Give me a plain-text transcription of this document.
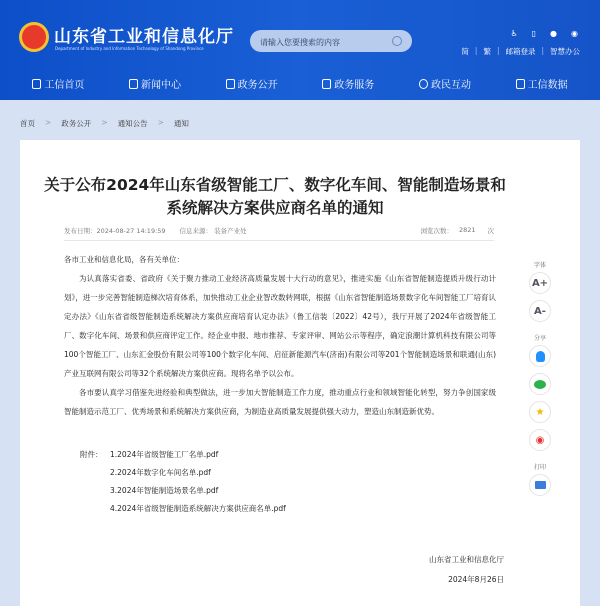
山东省工业和信息化厅
Department of Industry and Information Technology of Shandong Province
请输入您要搜索的内容
♿ ▯ ● ◉
简 | 繁 | 邮箱登录 | 智慧办公
工信首页	新闻中心	政务公开	政务服务	政民互动	工信数据
首页 > 政务公开 > 通知公告 > 通知
关于公布2024年山东省级智能工厂、数字化车间、智能制造场景和系统解决方案供应商名单的通知
发布日期：2024-08-27 14:19:59 信息来源： 装备产业处	浏览次数： 2821 次

各市工业和信息化局，各有关单位：

为认真落实省委、省政府《关于聚力推动工业经济高质量发展十大行动的意见》，推进实施《山东省智能制造提质升级行动计划》，进一步完善智能制造梯次培育体系，加快推动工业企业智改数转网联，根据《山东省智能制造场景数字化车间智能工厂培育认定办法》《山东省省级智能制造系统解决方案供应商培育认定办法》（鲁工信装〔2022〕42号），我厅开展了2024年省级智能工厂、数字化车间、场景和供应商评定工作。经企业申报、地市推荐、专家评审、网站公示等程序，确定浪潮计算机科技有限公司等100个智能工厂、山东汇金股份有限公司等100个数字化车间、启征新能源汽车(济南)有限公司等201个智能制造场景和联通(山东)产业互联网有限公司等32个系统解决方案供应商。现将名单予以公布。

各市要认真学习借鉴先进经验和典型做法，进一步加大智能制造工作力度，推动重点行业和领域智能化转型，努力争创国家级智能制造示范工厂、优秀场景和系统解决方案供应商，为制造业高质量发展提供强大动力，塑造山东制造新优势。

附件：	1.2024年省级智能工厂名单.pdf
2.2024年数字化车间名单.pdf
3.2024年智能制造场景名单.pdf
4.2024年省级智能制造系统解决方案供应商名单.pdf
山东省工业和信息化厅
2024年8月26日
字体
A+
A-
分享
★
◉
打印
